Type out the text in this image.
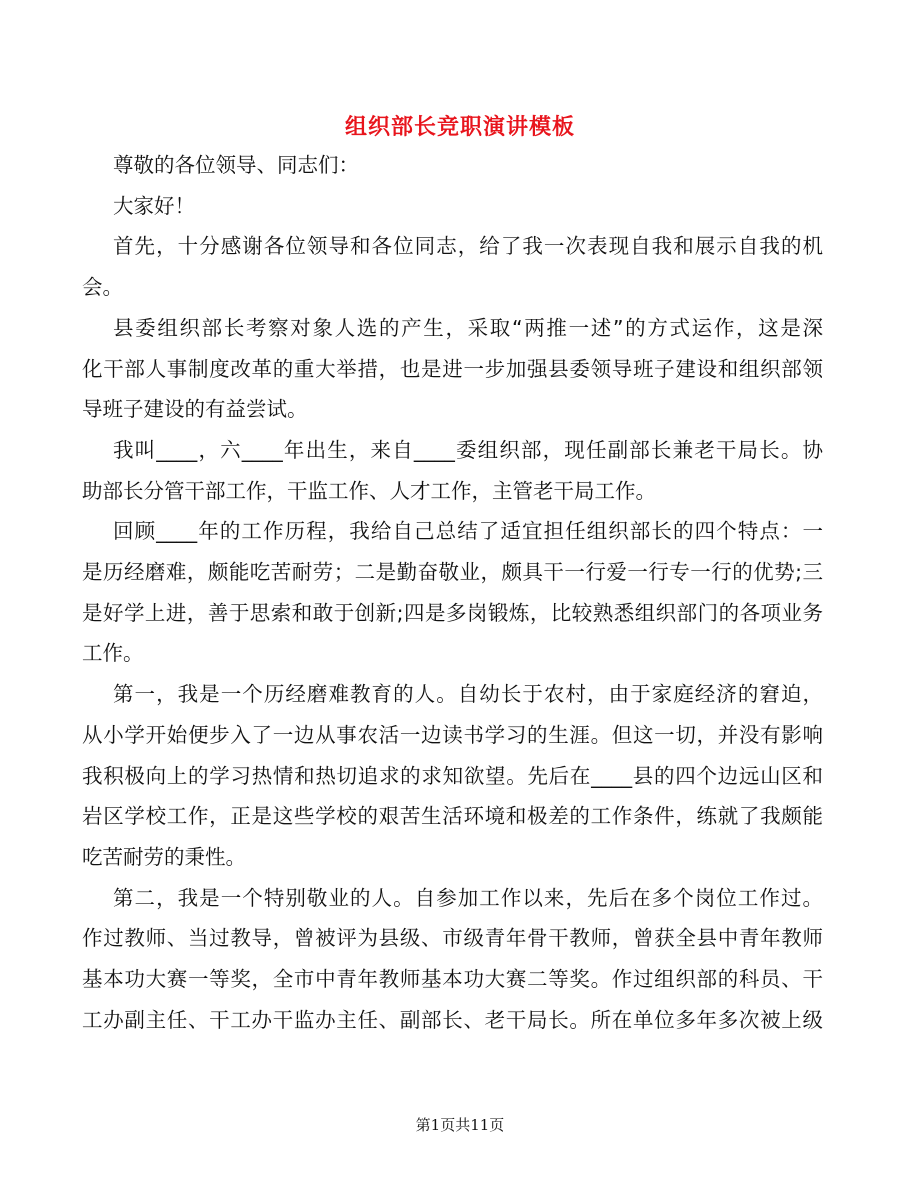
组织部长竞职演讲模板
尊敬的各位领导、同志们：
大家好！
首先，十分感谢各位领导和各位同志，给了我一次表现自我和展示自我的机
会。
县委组织部长考察对象人选的产生，采取“两推一述”的方式运作，这是深
化干部人事制度改革的重大举措，也是进一步加强县委领导班子建设和组织部领
导班子建设的有益尝试。
我叫____，六____年出生，来自____委组织部，现任副部长兼老干局长。协
助部长分管干部工作，干监工作、人才工作，主管老干局工作。
回顾____年的工作历程，我给自己总结了适宜担任组织部长的四个特点：一
是历经磨难，颇能吃苦耐劳；二是勤奋敬业，颇具干一行爱一行专一行的优势;三
是好学上进，善于思索和敢于创新;四是多岗锻炼，比较熟悉组织部门的各项业务
工作。
第一，我是一个历经磨难教育的人。自幼长于农村，由于家庭经济的窘迫，
从小学开始便步入了一边从事农活一边读书学习的生涯。但这一切，并没有影响
我积极向上的学习热情和热切追求的求知欲望。先后在____县的四个边远山区和
岩区学校工作，正是这些学校的艰苦生活环境和极差的工作条件，练就了我颇能
吃苦耐劳的秉性。
第二，我是一个特别敬业的人。自参加工作以来，先后在多个岗位工作过。
作过教师、当过教导，曾被评为县级、市级青年骨干教师，曾获全县中青年教师
基本功大赛一等奖，全市中青年教师基本功大赛二等奖。作过组织部的科员、干
工办副主任、干工办干监办主任、副部长、老干局长。所在单位多年多次被上级
第1页共11页
